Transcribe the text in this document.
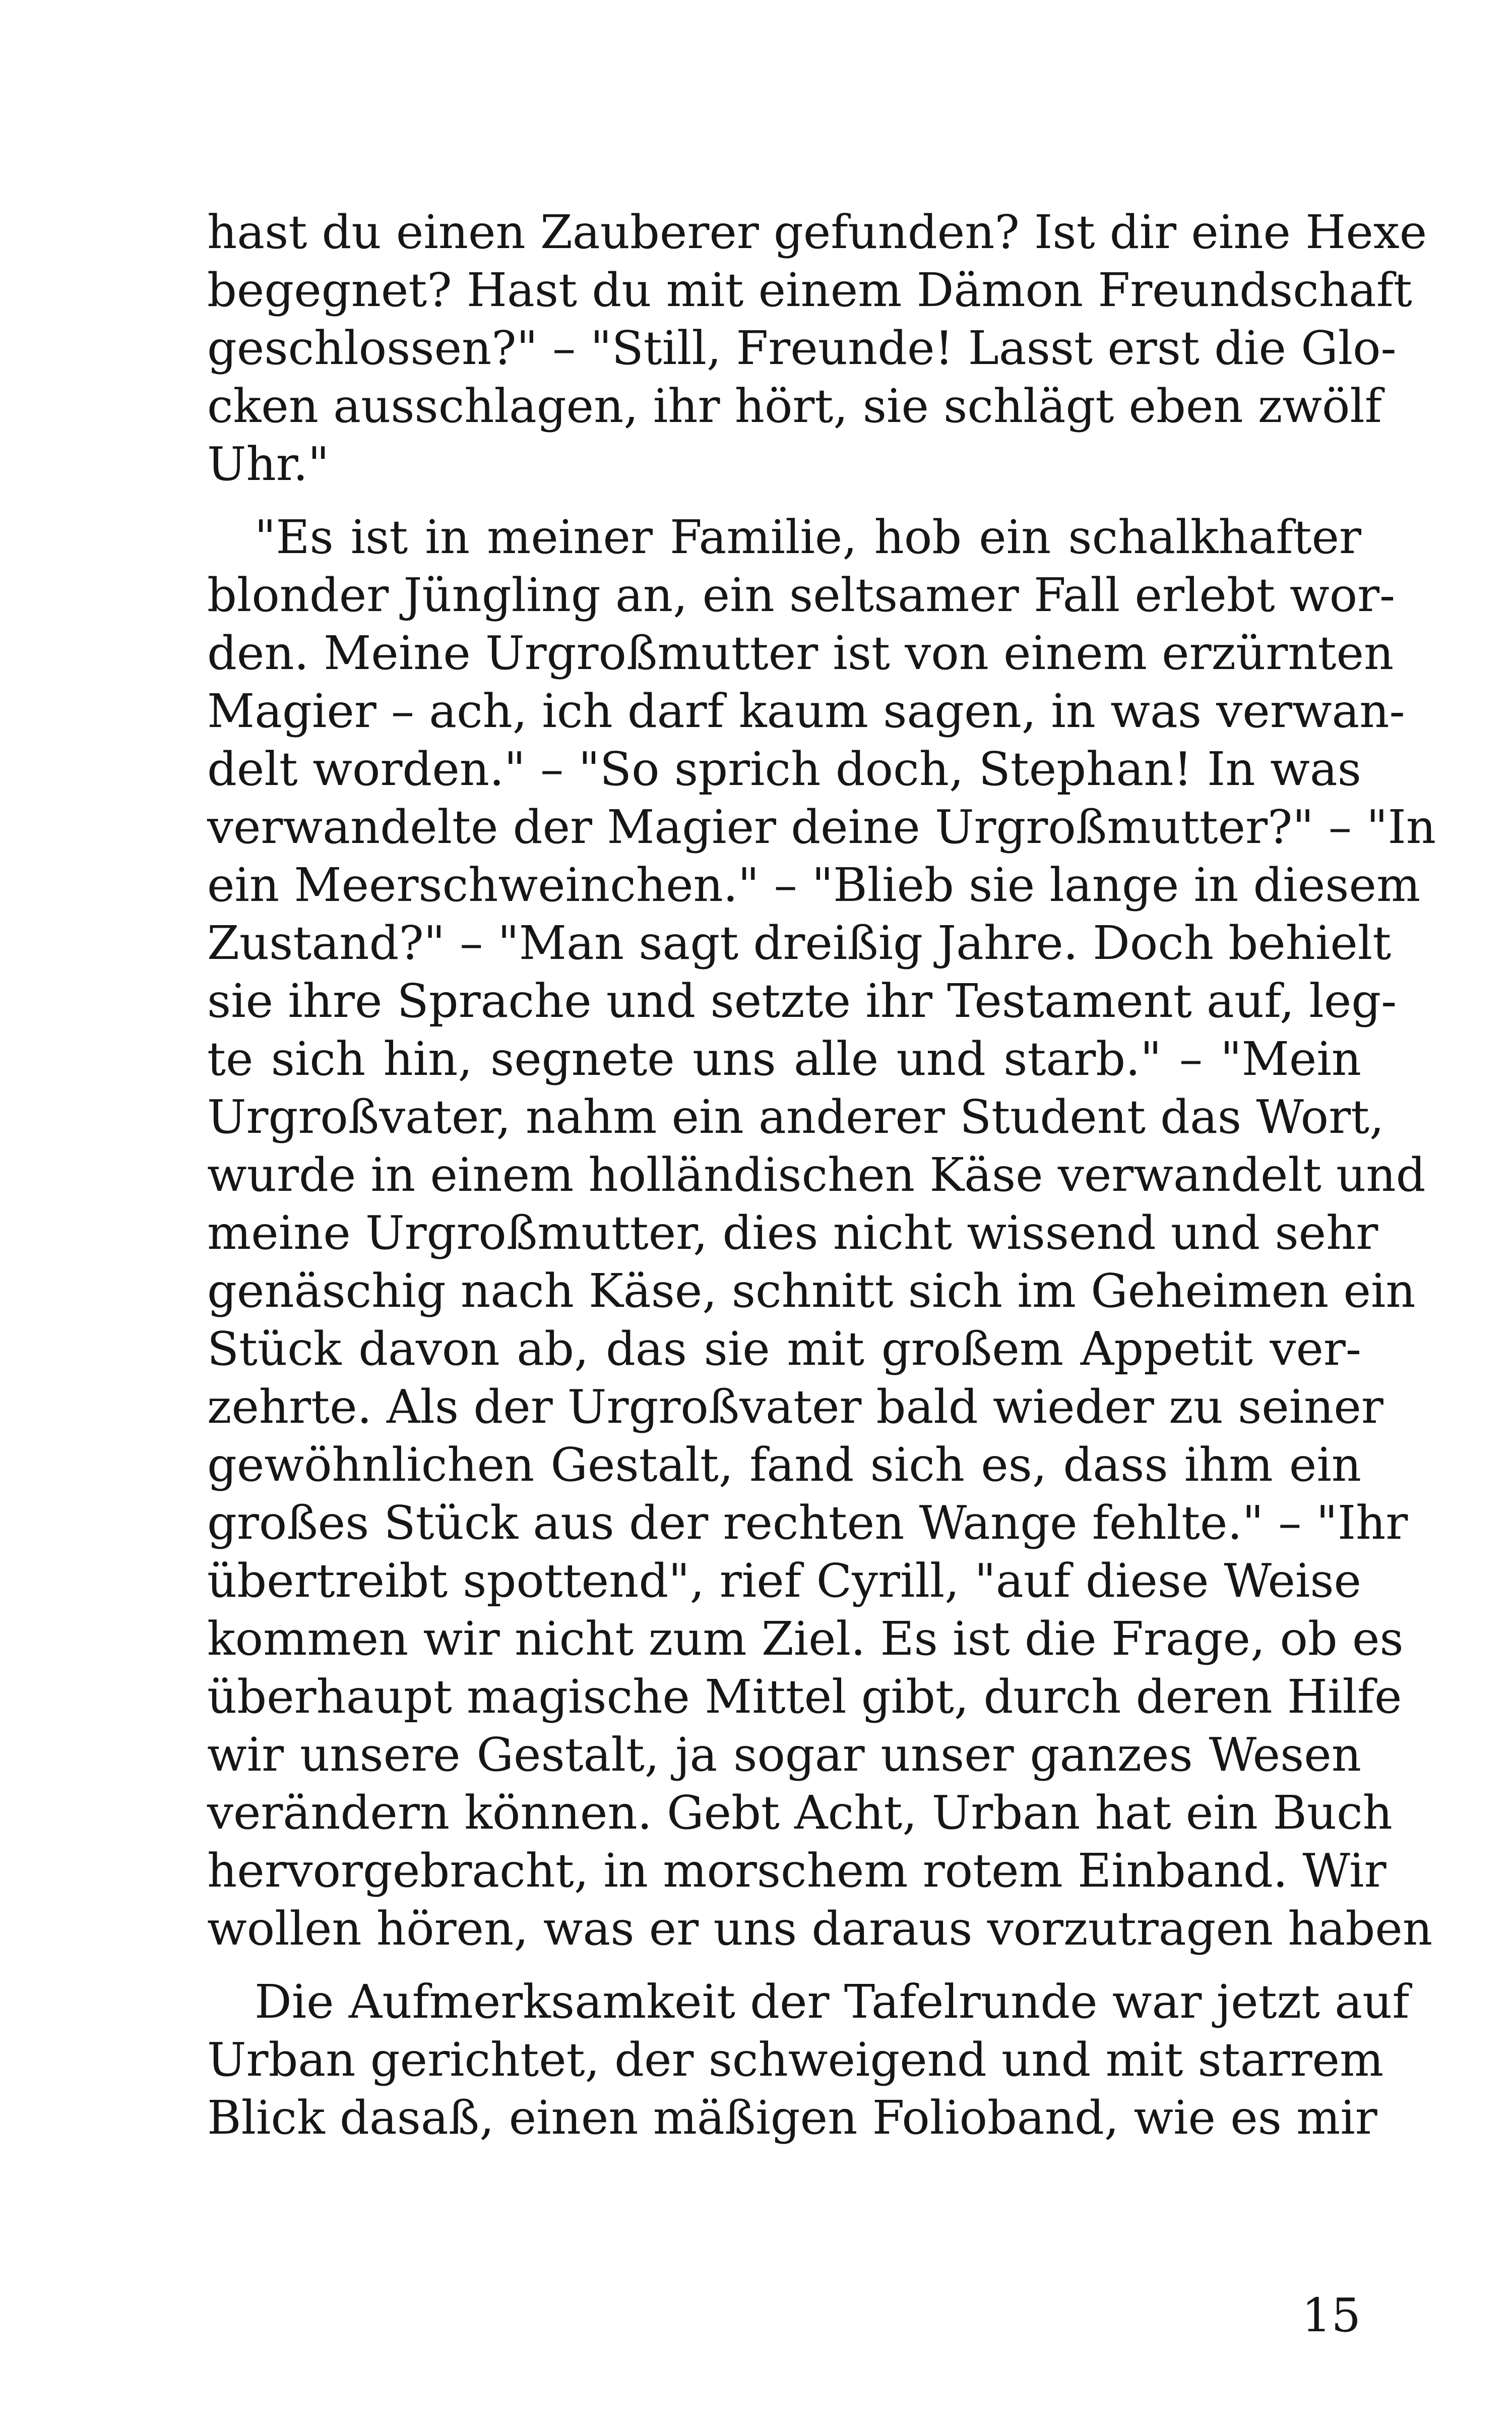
hast du einen Zauberer gefunden? Ist dir eine Hexe
begegnet? Hast du mit einem Dämon Freundschaft
geschlossen?" – "Still, Freunde! Lasst erst die Glo-
cken ausschlagen, ihr hört, sie schlägt eben zwölf
Uhr."
"Es ist in meiner Familie, hob ein schalkhafter
blonder Jüngling an, ein seltsamer Fall erlebt wor-
den. Meine Urgroßmutter ist von einem erzürnten
Magier – ach, ich darf kaum sagen, in was verwan-
delt worden." – "So sprich doch, Stephan! In was
verwandelte der Magier deine Urgroßmutter?" – "In
ein Meerschweinchen." – "Blieb sie lange in diesem
Zustand?" – "Man sagt dreißig Jahre. Doch behielt
sie ihre Sprache und setzte ihr Testament auf, leg-
te sich hin, segnete uns alle und starb." – "Mein
Urgroßvater, nahm ein anderer Student das Wort,
wurde in einem holländischen Käse verwandelt und
meine Urgroßmutter, dies nicht wissend und sehr
genäschig nach Käse, schnitt sich im Geheimen ein
Stück davon ab, das sie mit großem Appetit ver-
zehrte. Als der Urgroßvater bald wieder zu seiner
gewöhnlichen Gestalt, fand sich es, dass ihm ein
großes Stück aus der rechten Wange fehlte." – "Ihr
übertreibt spottend", rief Cyrill, "auf diese Weise
kommen wir nicht zum Ziel. Es ist die Frage, ob es
überhaupt magische Mittel gibt, durch deren Hilfe
wir unsere Gestalt, ja sogar unser ganzes Wesen
verändern können. Gebt Acht, Urban hat ein Buch
hervorgebracht, in morschem rotem Einband. Wir
wollen hören, was er uns daraus vorzutragen haben
Die Aufmerksamkeit der Tafelrunde war jetzt auf
Urban gerichtet, der schweigend und mit starrem
Blick dasaß, einen mäßigen Folioband, wie es mir
15
